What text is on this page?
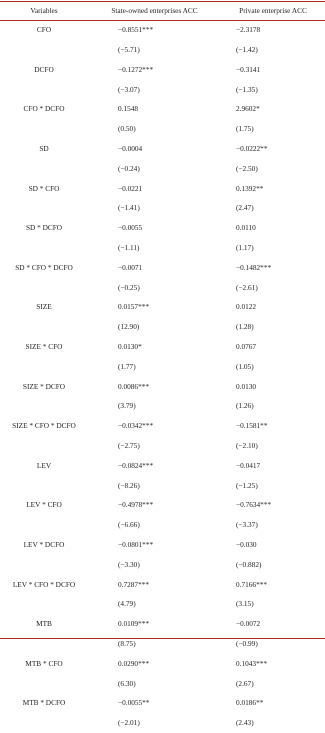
Variables	State-owned enterprises ACC	Private enterprise ACC
CFO	−0.8551***	−2.3178
	(−5.71)	(−1.42)
DCFO	−0.1272***	−0.3141
	(−3.07)	(−1.35)
CFO * DCFO	0.1548	2.9602*
	(0.50)	(1.75)
SD	−0.0004	−0.0222**
	(−0.24)	(−2.50)
SD * CFO	−0.0221	0.1392**
	(−1.41)	(2.47)
SD * DCFO	−0.0055	0.0110
	(−1.11)	(1.17)
SD * CFO * DCFO	−0.0071	−0.1482***
	(−0.25)	(−2.61)
SIZE	0.0157***	0.0122
	(12.90)	(1.28)
SIZE * CFO	0.0130*	0.0767
	(1.77)	(1.05)
SIZE * DCFO	0.0086***	0.0130
	(3.79)	(1.26)
SIZE * CFO * DCFO	−0.0342***	−0.1581**
	(−2.75)	(−2.10)
LEV	−0.0824***	−0.0417
	(−8.26)	(−1.25)
LEV * CFO	−0.4978***	−0.7634***
	(−6.66)	(−3.37)
LEV * DCFO	−0.0801***	−0.030
	(−3.30)	(−0.882)
LEV * CFO * DCFO	0.7287***	0.7166***
	(4.79)	(3.15)
MTB	0.0109***	−0.0072
	(8.75)	(−0.99)
MTB * CFO	0.0290***	0.1043***
	(6.30)	(2.67)
MTB * DCFO	−0.0055**	0.0186**
	(−2.01)	(2.43)
